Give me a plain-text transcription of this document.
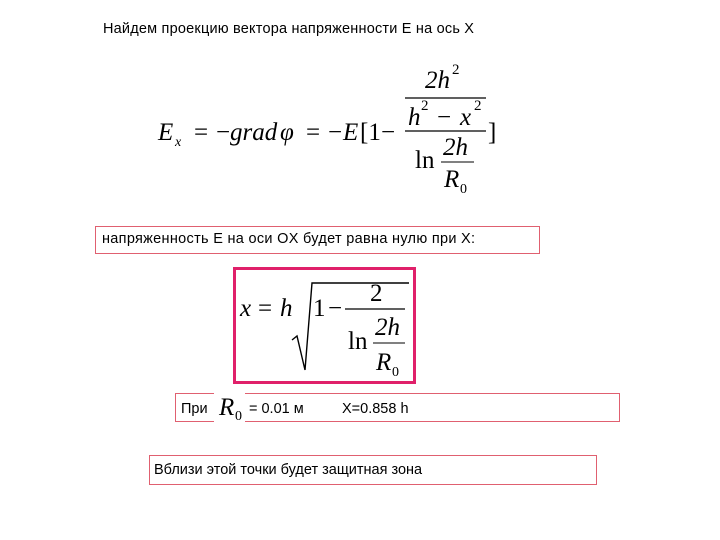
Найдем проекцию вектора напряженности E на ось X
2h 2
h 2 − x 2
E x = − grad φ = − E [1 −	]
ln 2h
R 0
напряженность E на оси OX будет равна нулю при X:
x = h 1 −
2
ln
2h
R 0
При R 0 = 0.01 м	X=0.858 h
Вблизи этой точки будет защитная зона
